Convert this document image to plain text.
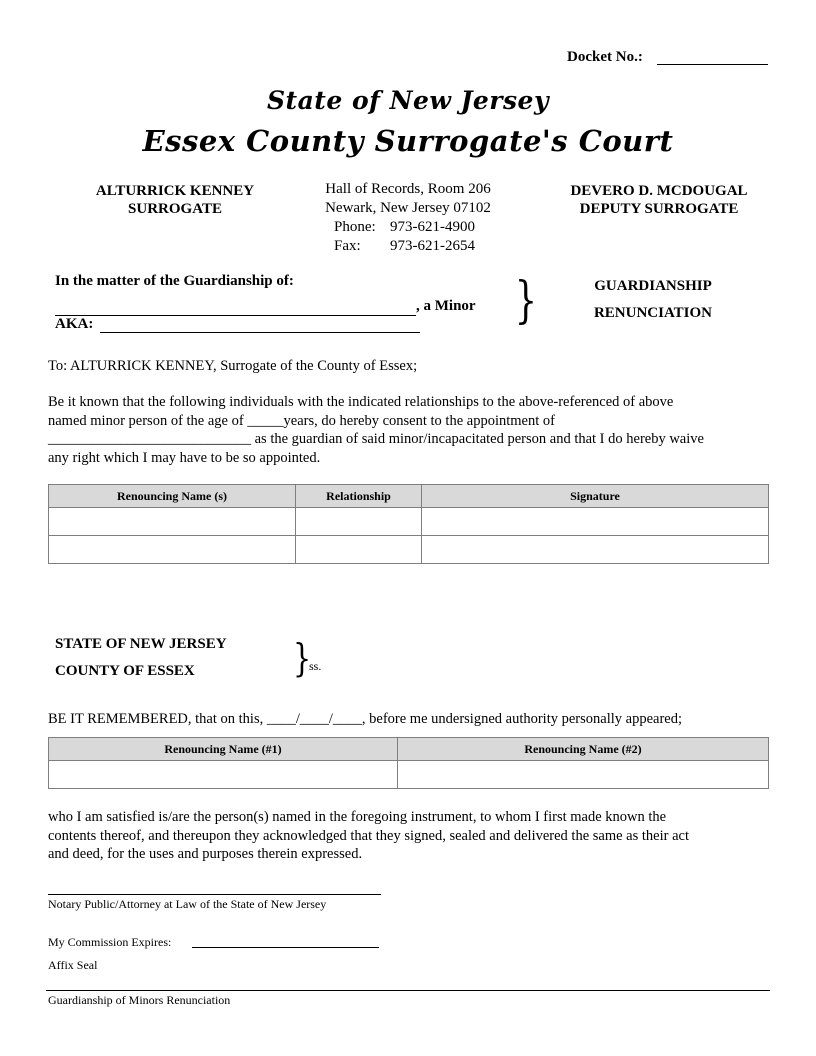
Docket No.:
State of New Jersey
Essex County Surrogate's Court
ALTURRICK KENNEY
SURROGATE
Hall of Records, Room 206
Newark, New Jersey 07102
Phone: 973-621-4900
Fax: 973-621-2654
DEVERO D. MCDOUGAL
DEPUTY SURROGATE
In the matter of the Guardianship of:
, a Minor
AKA:	}	GUARDIANSHIP
RENUNCIATION
To: ALTURRICK KENNEY, Surrogate of the County of Essex;
Be it known that the following individuals with the indicated relationships to the above-referenced of above
named minor person of the age of _____years, do hereby consent to the appointment of
____________________________ as the guardian of said minor/incapacitated person and that I do hereby waive
any right which I may have to be so appointed.
Renouncing Name (s)	Relationship	Signature

STATE OF NEW JERSEY
COUNTY OF ESSEX	}
ss.
BE IT REMEMBERED, that on this, ____/____/____, before me undersigned authority personally appeared;
Renouncing Name (#1)	Renouncing Name (#2)

who I am satisfied is/are the person(s) named in the foregoing instrument, to whom I first made known the
contents thereof, and thereupon they acknowledged that they signed, sealed and delivered the same as their act
and deed, for the uses and purposes therein expressed.
Notary Public/Attorney at Law of the State of New Jersey
My Commission Expires:
Affix Seal
Guardianship of Minors Renunciation
